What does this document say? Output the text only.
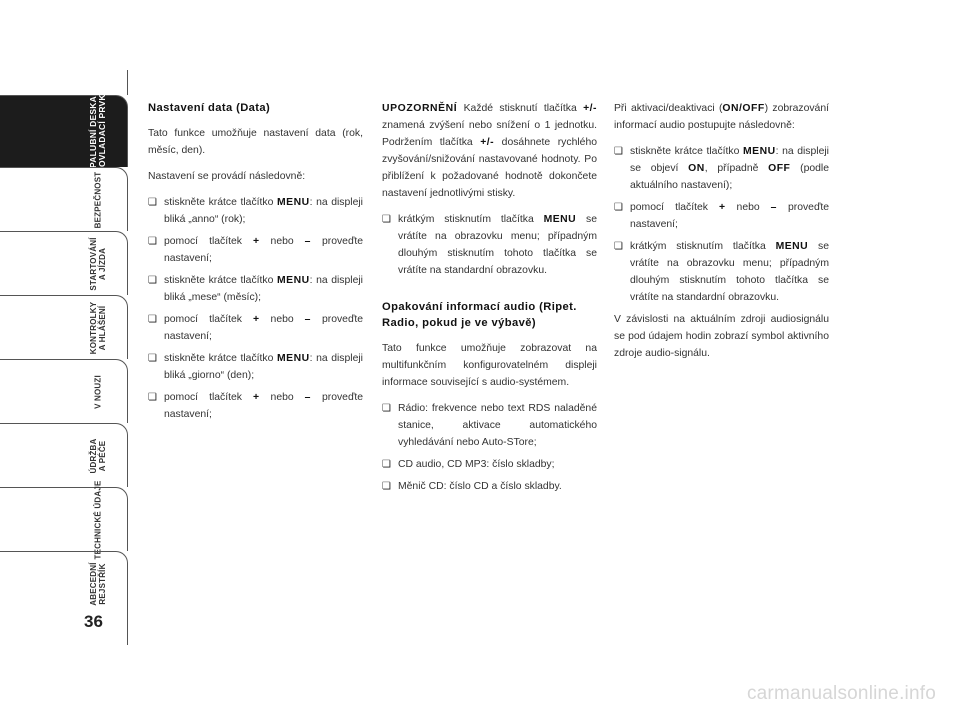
PALUBNÍ DESKA A OVLADACÍ PRVKY
BEZPEČNOST
STARTOVÁNÍ A JÍZDA
KONTROLKY A HLÁŠENÍ
V NOUZI
ÚDRŽBA A PÉČE
TECHNICKÉ ÚDAJE
ABECEDNÍ REJSTŘÍK
36
Nastavení data (Data)

Tato funkce umožňuje nastavení data (rok, měsíc, den).

Nastavení se provádí následovně:

❏ stiskněte krátce tlačítko MENU: na displeji bliká „anno“ (rok);
❏ pomocí tlačítek + nebo – proveďte nastavení;
❏ stiskněte krátce tlačítko MENU: na displeji bliká „mese“ (měsíc);
❏ pomocí tlačítek + nebo – proveďte nastavení;
❏ stiskněte krátce tlačítko MENU: na displeji bliká „giorno“ (den);
❏ pomocí tlačítek + nebo – proveďte nastavení;

UPOZORNĚNÍ Každé stisknutí tlačítka +/- znamená zvýšení nebo snížení o 1 jednotku. Podržením tlačítka +/- dosáhnete rychlého zvyšování/snižování nastavované hodnoty. Po přiblížení k požadované hodnotě dokončete nastavení jednotlivými stisky.

❏ krátkým stisknutím tlačítka MENU se vrátíte na obrazovku menu; případným dlouhým stisknutím tohoto tlačítka se vrátíte na standardní obrazovku.
Opakování informací audio (Ripet. Radio, pokud je ve výbavě)

Tato funkce umožňuje zobrazovat na multifunkčním konfigurovatelném displeji informace související s audio-systémem.

❏ Rádio: frekvence nebo text RDS naladěné stanice, aktivace automatického vyhledávání nebo Auto-STore;
❏ CD audio, CD MP3: číslo skladby;
❏ Měnič CD: číslo CD a číslo skladby.

Při aktivaci/deaktivaci (ON/OFF) zobrazování informací audio postupujte následovně:

❏ stiskněte krátce tlačítko MENU: na displeji se objeví ON, případně OFF (podle aktuálního nastavení);
❏ pomocí tlačítek + nebo – proveďte nastavení;
❏ krátkým stisknutím tlačítka MENU se vrátíte na obrazovku menu; případným dlouhým stisknutím tohoto tlačítka se vrátíte na standardní obrazovku.

V závislosti na aktuálním zdroji audiosignálu se pod údajem hodin zobrazí symbol aktivního zdroje audio-signálu.

carmanualsonline.info
